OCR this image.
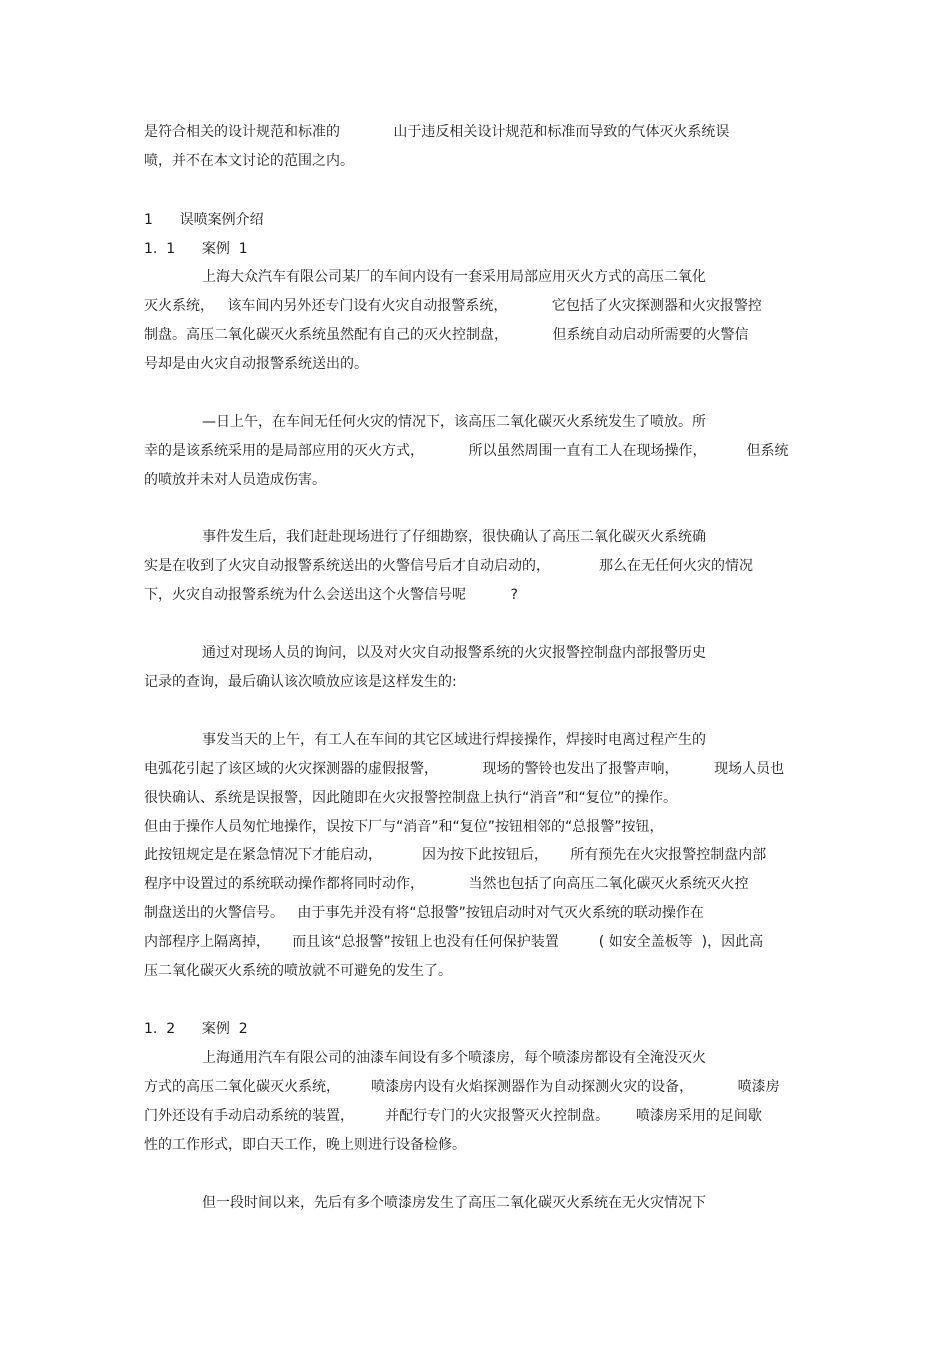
是符合相关的设计规范和标准的            山于违反相关设计规范和标准而导致的气体灭火系统误
喷，并不在本文讨论的范围之内。
1      误喷案例介绍
1.  1      案例  1
上海大众汽车有限公司某厂的车间内设有一套采用局部应用灭火方式的高压二氧化
灭火系统，   该车间内另外还专门设有火灾自动报警系统，          它包括了火灾探测器和火灾报警控
制盘。高压二氧化碳灭火系统虽然配有自己的灭火控制盘，          但系统自动启动所需要的火警信
号却是由火灾自动报警系统送出的。
—日上午，在车间无任何火灾的情况下，该高压二氧化碳灭火系统发生了喷放。所
幸的是该系统采用的是局部应用的灭火方式，          所以虽然周围一直有工人在现场操作，         但系统
的喷放并未对人员造成伤害。
事件发生后，我们赶赴现场进行了仔细勘察，很快确认了高压二氧化碳灭火系统确
实是在收到了火灾自动报警系统送出的火警信号后才自动启动的，           那么在无任何火灾的情况
下，火灾自动报警系统为什么会送出这个火警信号呢          ?
通过对现场人员的询问，以及对火灾自动报警系统的火灾报警控制盘内部报警历史
记录的查询，最后确认该次喷放应该是这样发生的:
事发当天的上午，有工人在车间的其它区域进行焊接操作，焊接时电离过程产生的
电弧花引起了该区域的火灾探测器的虚假报警，          现场的警铃也发出了报警声响，        现场人员也
很快确认、系统是误报警，因此随即在火灾报警控制盘上执行“消音”和“复位”的操作。
但由于操作人员匆忙地操作，误按下厂与“消音”和“复位”按钮相邻的“总报警”按钮，
此按钮规定是在紧急情况下才能启动，         因为按下此按钮后，     所有预先在火灾报警控制盘内部
程序中设置过的系统联动操作都将同时动作，          当然也包括了向高压二氧化碳灭火系统灭火控
制盘送出的火警信号。   由于事先并没有将“总报警”按钮启动时对气灭火系统的联动操作在
内部程序上隔离掉，     而且该“总报警”按钮上也没有任何保护装置         ( 如安全盖板等  )，因此高
压二氧化碳灭火系统的喷放就不可避免的发生了。
1.  2      案例  2
上海通用汽车有限公司的油漆车间设有多个喷漆房，每个喷漆房都设有全淹没灭火
方式的高压二氧化碳灭火系统，       喷漆房内设有火焰探测器作为自动探测火灾的设备，          喷漆房
门外还设有手动启动系统的装置，       并配行专门的火灾报警灭火控制盘。      喷漆房采用的足间歇
性的工作形式，即白天工作，晚上则进行设备检修。
但一段时间以来，先后有多个喷漆房发生了高压二氧化碳灭火系统在无火灾情况下
